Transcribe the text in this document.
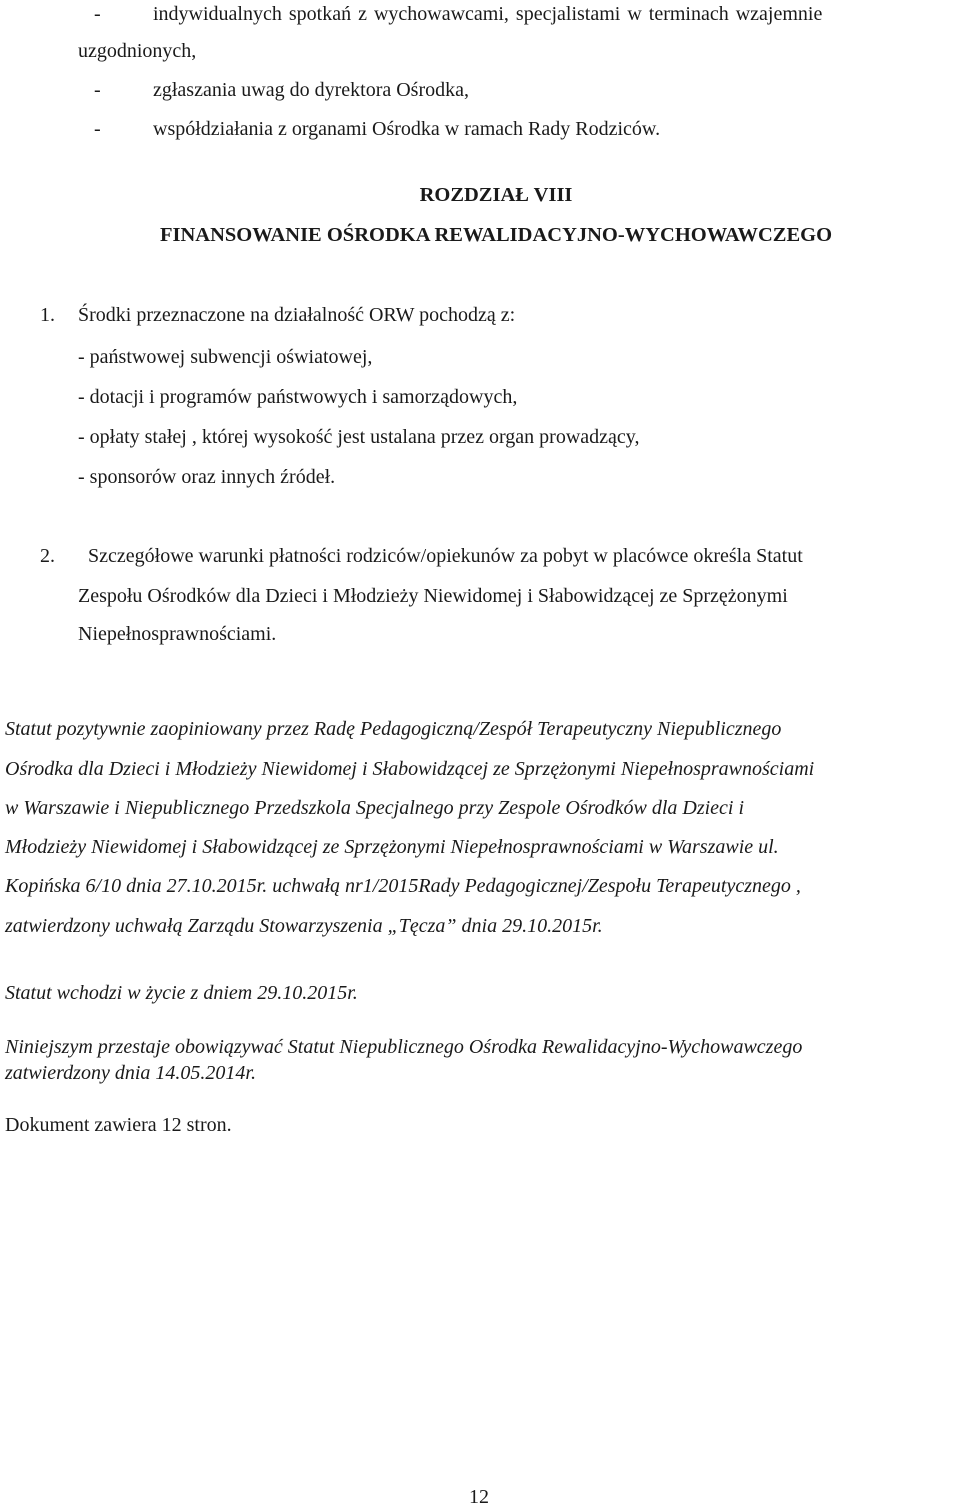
-	indywidualnych spotkań z wychowawcami, specjalistami w terminach wzajemnie
uzgodnionych,
-	zgłaszania uwag do dyrektora Ośrodka,
-	współdziałania z organami Ośrodka w ramach Rady Rodziców.
ROZDZIAŁ VIII
FINANSOWANIE OŚRODKA REWALIDACYJNO-WYCHOWAWCZEGO
1. Środki przeznaczone na działalność ORW pochodzą z:
- państwowej subwencji oświatowej,
- dotacji i programów państwowych i samorządowych,
- opłaty stałej , której wysokość jest ustalana przez organ prowadzący,
- sponsorów oraz innych źródeł.
2. Szczegółowe warunki płatności rodziców/opiekunów za pobyt w placówce określa Statut
Zespołu Ośrodków dla Dzieci i Młodzieży Niewidomej i Słabowidzącej ze Sprzężonymi
Niepełnosprawnościami.
Statut pozytywnie zaopiniowany przez Radę Pedagogiczną/Zespół Terapeutyczny Niepublicznego
Ośrodka dla Dzieci i Młodzieży Niewidomej i Słabowidzącej ze Sprzężonymi Niepełnosprawnościami
w Warszawie i Niepublicznego Przedszkola Specjalnego przy Zespole Ośrodków dla Dzieci i
Młodzieży Niewidomej i Słabowidzącej ze Sprzężonymi Niepełnosprawnościami w Warszawie ul.
Kopińska 6/10 dnia 27.10.2015r. uchwałą nr1/2015Rady Pedagogicznej/Zespołu Terapeutycznego ,
zatwierdzony uchwałą Zarządu Stowarzyszenia „Tęcza” dnia 29.10.2015r.
Statut wchodzi w życie z dniem 29.10.2015r.
Niniejszym przestaje obowiązywać Statut Niepublicznego Ośrodka Rewalidacyjno-Wychowawczego
zatwierdzony dnia 14.05.2014r.
Dokument zawiera 12 stron.
12
